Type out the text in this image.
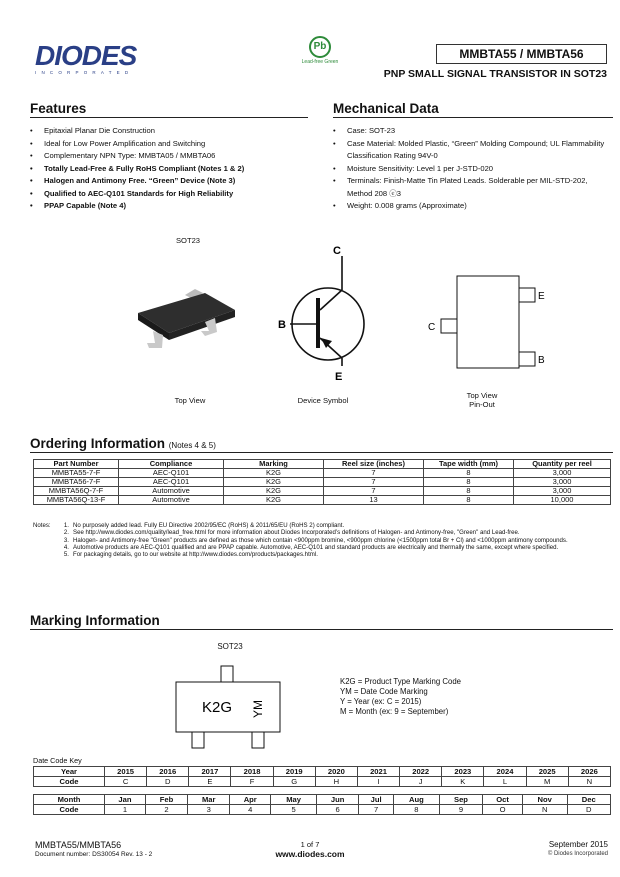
DIODES
INCORPORATED
Pb
Lead-free Green
MMBTA55 / MMBTA56
PNP SMALL SIGNAL TRANSISTOR IN SOT23
Features
• Epitaxial Planar Die Construction
• Ideal for Low Power Amplification and Switching
• Complementary NPN Type: MMBTA05 / MMBTA06
• Totally Lead-Free & Fully RoHS Compliant (Notes 1 & 2)
• Halogen and Antimony Free. “Green” Device (Note 3)
• Qualified to AEC-Q101 Standards for High Reliability
• PPAP Capable (Note 4)
Mechanical Data
• Case: SOT-23
• Case Material: Molded Plastic, “Green” Molding Compound; UL Flammability Classification Rating 94V-0
• Moisture Sensitivity: Level 1 per J-STD-020
• Terminals: Finish-Matte Tin Plated Leads. Solderable per MIL-STD-202, Method 208 ⓔ3
• Weight: 0.008 grams (Approximate)
SOT23
Top View
C
B
E
Device Symbol
E
B
C
Top View
Pin-Out
Ordering Information (Notes 4 & 5)
Part Number	Compliance	Marking	Reel size (inches)	Tape width (mm)	Quantity per reel
MMBTA55-7-F	AEC-Q101	K2G	7	8	3,000
MMBTA56-7-F	AEC-Q101	K2G	7	8	3,000
MMBTA56Q-7-F	Automotive	K2G	7	8	3,000
MMBTA56Q-13-F	Automotive	K2G	13	8	10,000
Notes:	1. No purposely added lead. Fully EU Directive 2002/95/EC (RoHS) & 2011/65/EU (RoHS 2) compliant.
2. See http://www.diodes.com/quality/lead_free.html for more information about Diodes Incorporated’s definitions of Halogen- and Antimony-free, "Green" and Lead-free.
3. Halogen- and Antimony-free "Green" products are defined as those which contain <900ppm bromine, <900ppm chlorine (<1500ppm total Br + Cl) and <1000ppm antimony compounds.
4. Automotive products are AEC-Q101 qualified and are PPAP capable. Automotive, AEC-Q101 and standard products are electrically and thermally the same, except where specified.
5. For packaging details, go to our website at http://www.diodes.com/products/packages.html.
Marking Information
SOT23
K2G YM
K2G = Product Type Marking Code
YM = Date Code Marking
Y = Year (ex: C = 2015)
M = Month (ex: 9 = September)
Date Code Key
Year	2015	2016	2017	2018	2019	2020	2021	2022	2023	2024	2025	2026
Code	C	D	E	F	G	H	I	J	K	L	M	N
Month	Jan	Feb	Mar	Apr	May	Jun	Jul	Aug	Sep	Oct	Nov	Dec
Code	1	2	3	4	5	6	7	8	9	O	N	D
MMBTA55/MMBTA56
Document number: DS30054 Rev. 13 - 2
1 of 7
www.diodes.com
September 2015
© Diodes Incorporated
